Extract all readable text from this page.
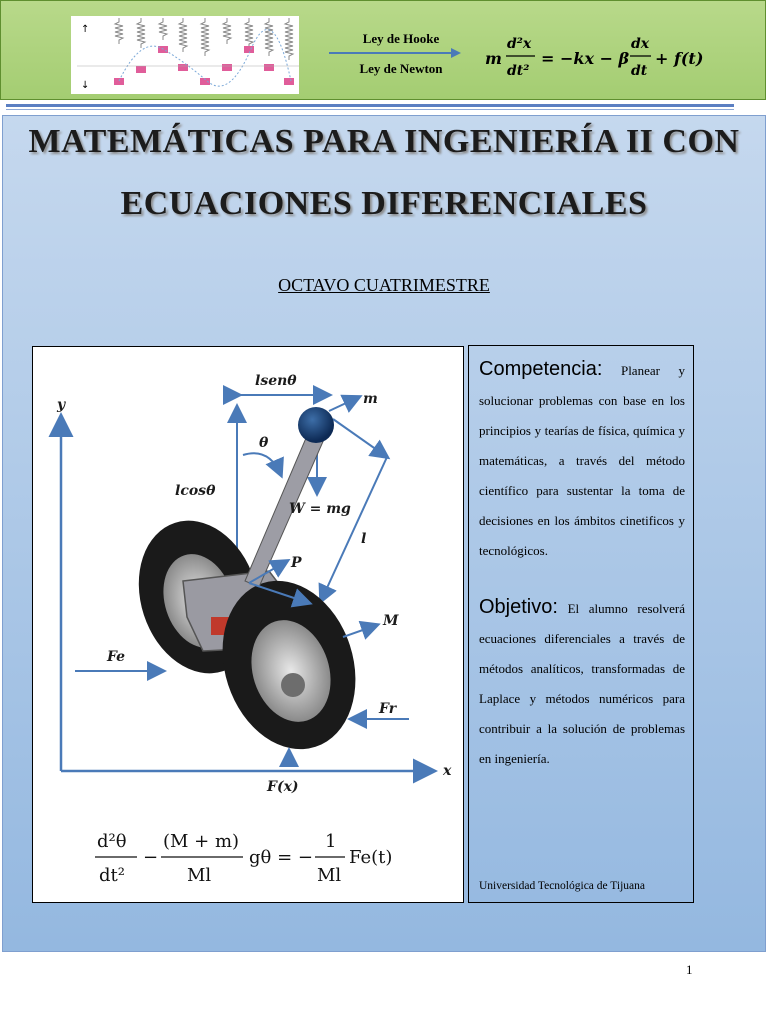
↑
↓
Ley de Hooke
Ley de Newton
m
d²x
dt²
= −kx − β
dx
dt
+ f(t)
MATEMÁTICAS PARA INGENIERÍA II CON
ECUACIONES DIFERENCIALES
OCTAVO CUATRIMESTRE
y
x
lsenθ
m
θ
lcosθ
W = mg
l
P
M
Fe
Fr
F(x)
d²θ
dt²
−
(M + m)
Ml
gθ = −
1
Ml
Fe(t)
Competencia: Planear y solucionar problemas con base en los principios y tearías de física, química y matemáticas, a través del método científico para sustentar la toma de decisiones en los ámbitos cinetificos y tecnológicos.
Objetivo: El alumno resolverá ecuaciones diferenciales a través de métodos analíticos, transformadas de Laplace y métodos numéricos para contribuir a la solución de problemas en ingeniería.
Universidad Tecnológica de Tijuana
1
